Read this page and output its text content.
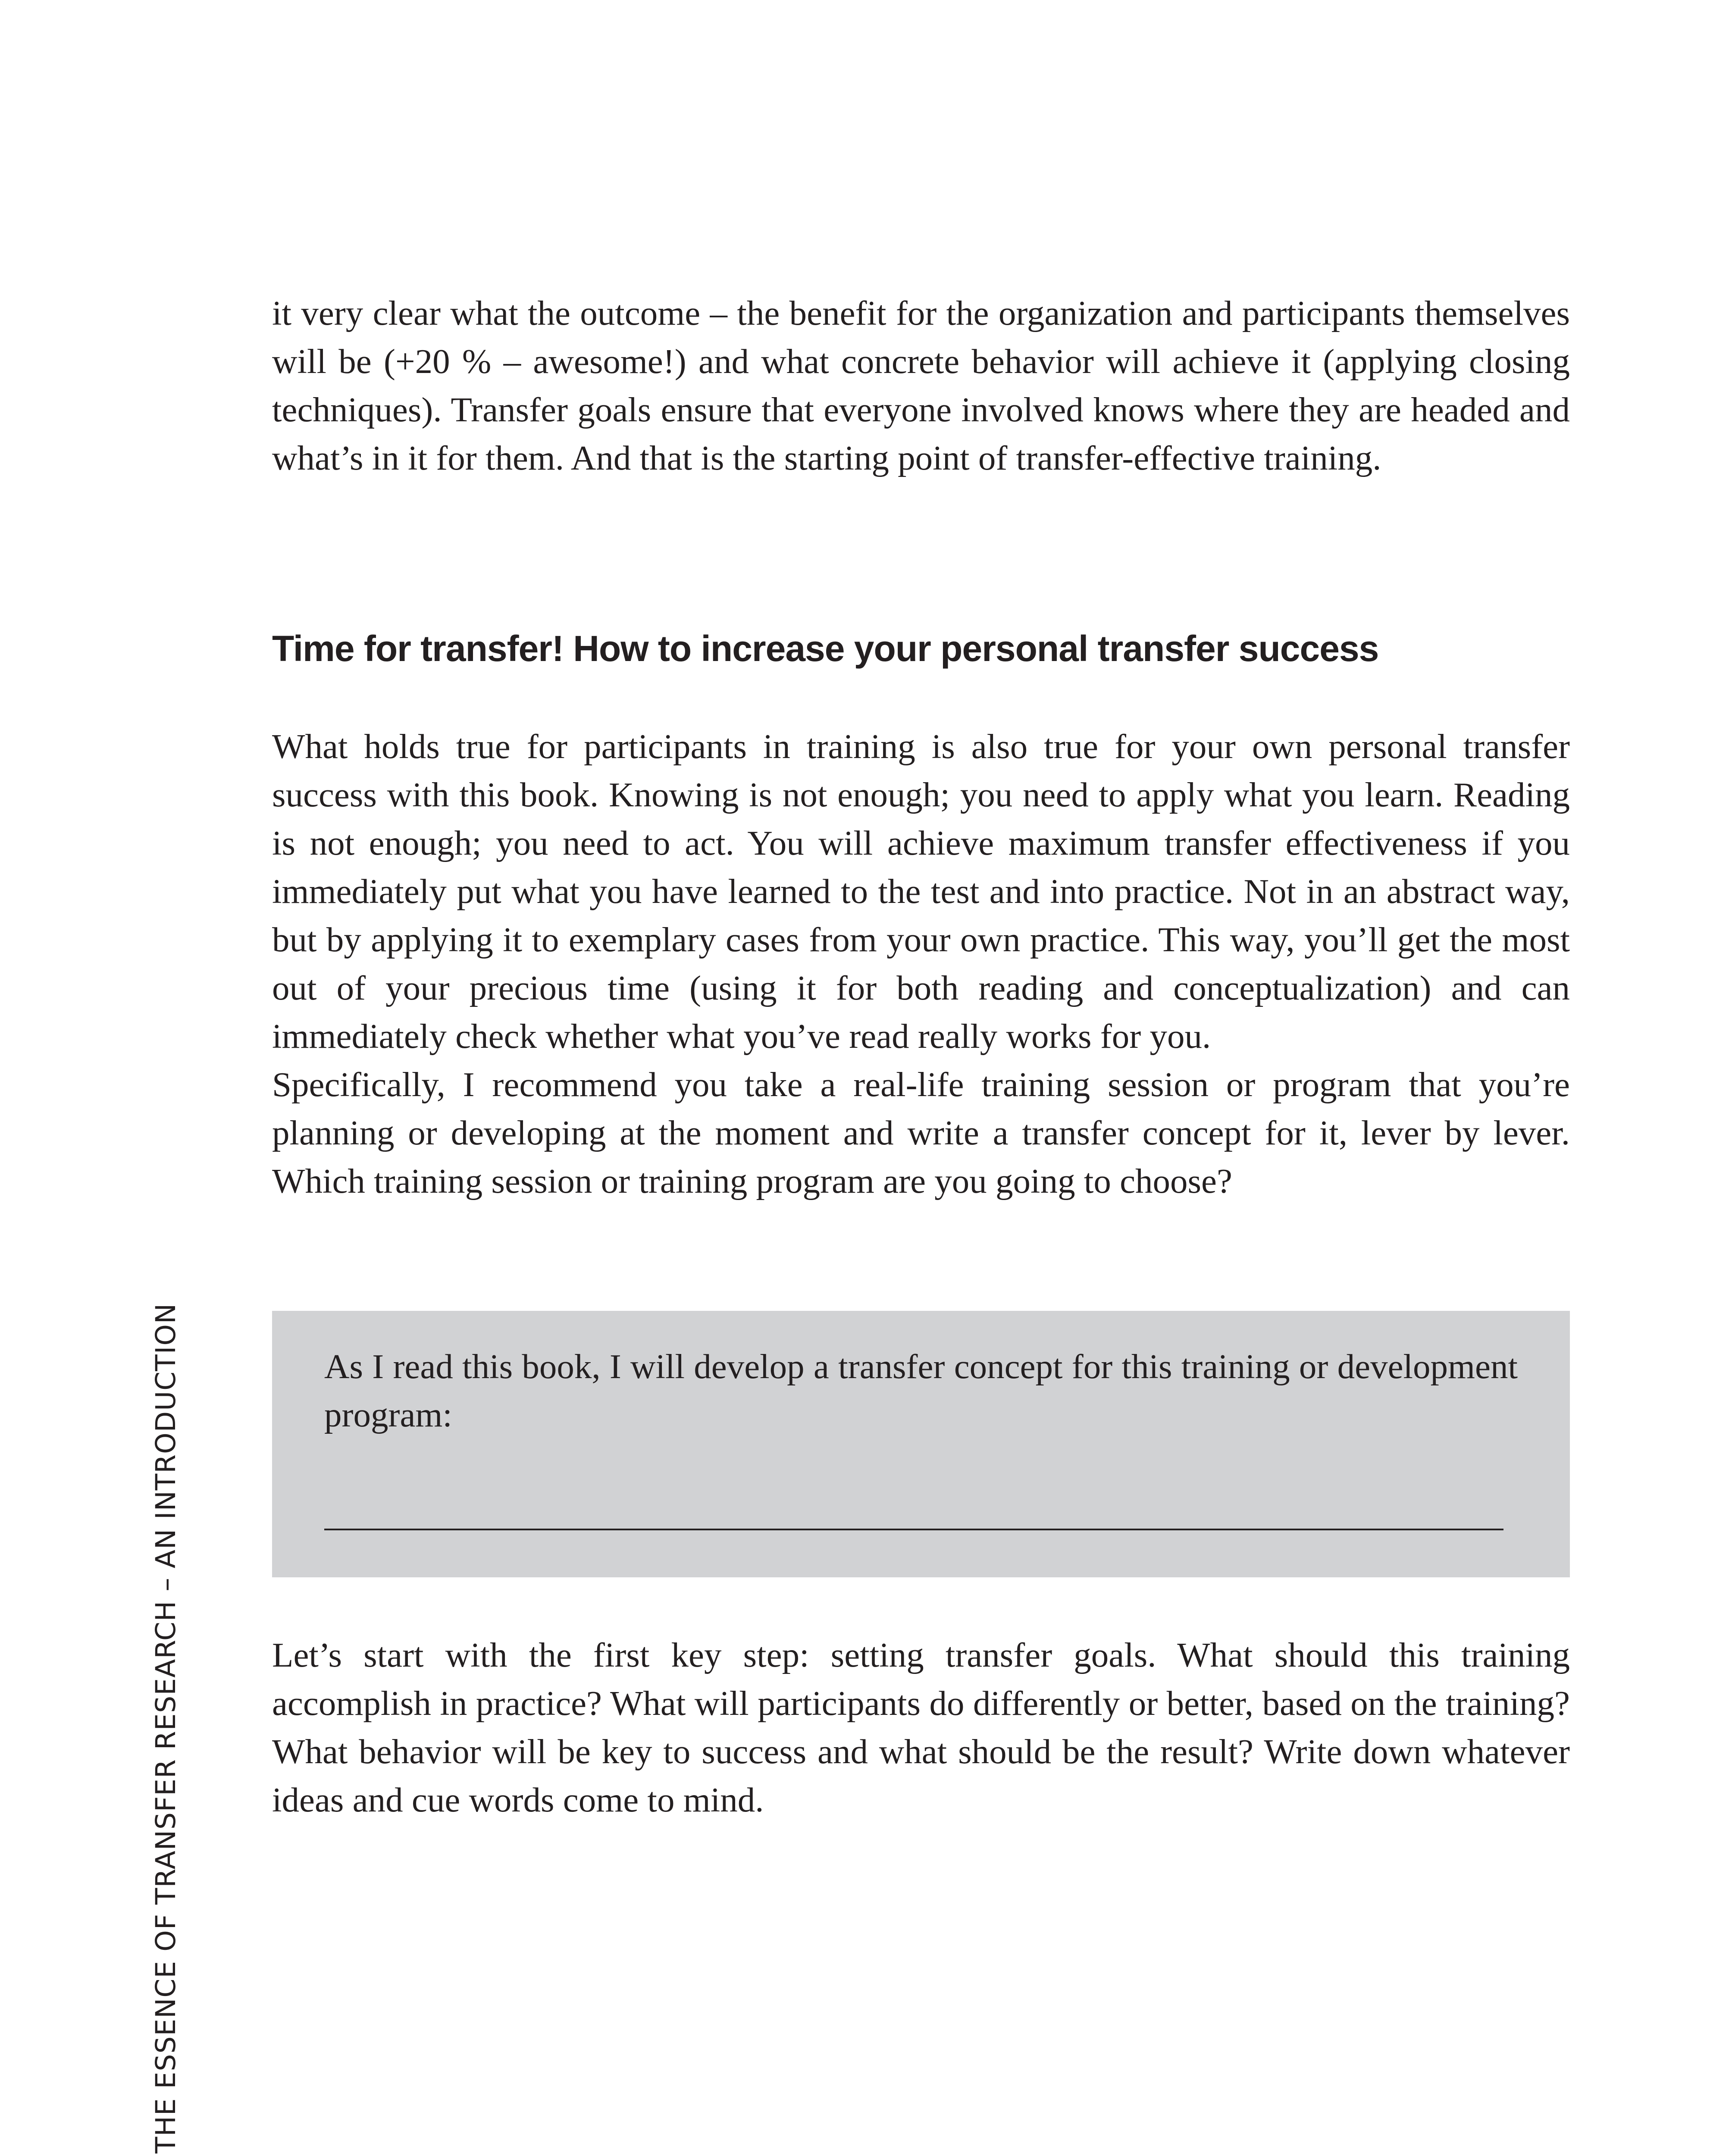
it very clear what the outcome – the benefit for the organization and participants themselves will be (+20 % – awesome!) and what concrete behavior will achieve it (applying closing techniques). Transfer goals ensure that everyone involved knows where they are headed and what’s in it for them. And that is the starting point of transfer-effective training.

Time for transfer! How to increase your personal transfer success

What holds true for participants in training is also true for your own personal transfer success with this book. Knowing is not enough; you need to apply what you learn. Reading is not enough; you need to act. You will achieve maximum transfer effectiveness if you immediately put what you have learned to the test and into practice. Not in an abstract way, but by applying it to exemplary cases from your own practice. This way, you’ll get the most out of your precious time (using it for both reading and conceptualization) and can immediately check whether what you’ve read really works for you.

Specifically, I recommend you take a real-life training session or program that you’re planning or developing at the moment and write a transfer concept for it, lever by lever. Which training session or training program are you going to choose?

As I read this book, I will develop a transfer concept for this training or development program:

Let’s start with the first key step: setting transfer goals. What should this training accomplish in practice? What will participants do differently or better, based on the training? What behavior will be key to success and what should be the result? Write down whatever ideas and cue words come to mind.

THE ESSENCE OF TRANSFER RESEARCH – AN INTRODUCTION
